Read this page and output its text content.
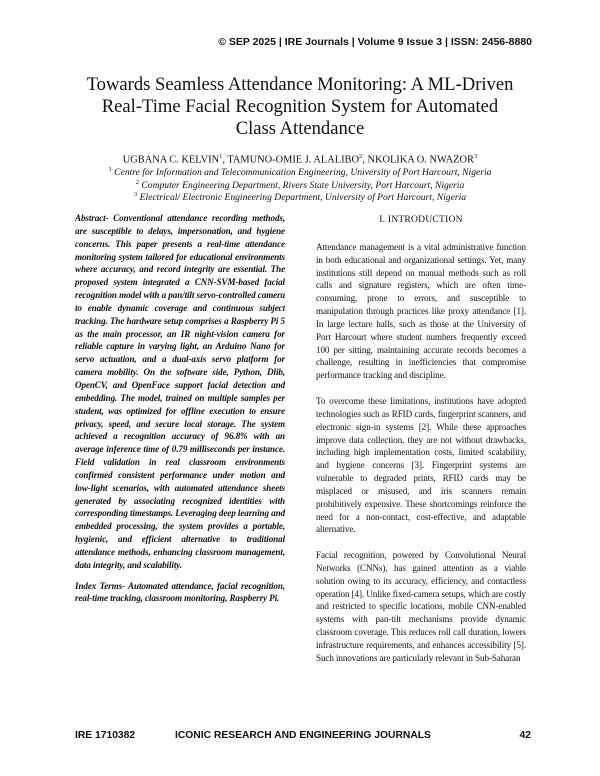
© SEP 2025 | IRE Journals | Volume 9 Issue 3 | ISSN: 2456-8880
Towards Seamless Attendance Monitoring: A ML-Driven
Real-Time Facial Recognition System for Automated
Class Attendance
UGBANA C. KELVIN$^1$, TAMUNO-OMIE J. ALALIBO$^2$, NKOLIKA O. NWAZOR$^3$
$^1$ Centre for Information and Telecommunication Engineering, University of Port Harcourt, Nigeria
$^2$ Computer Engineering Department, Rivers State University, Port Harcourt, Nigeria
$^3$ Electrical/ Electronic Engineering Department, University of Port Harcourt, Nigeria

Abstract- Conventional attendance recording methods, are susceptible to delays, impersonation, and hygiene concerns. This paper presents a real-time attendance monitoring system tailored for educational environments where accuracy, and record integrity are essential. The proposed system integrated a CNN-SVM-based facial recognition model with a pan/tilt servo-controlled camera to enable dynamic coverage and continuous subject tracking. The hardware setup comprises a Raspberry Pi 5 as the main processor, an IR night-vision camera for reliable capture in varying light, an Arduino Nano for servo actuation, and a dual-axis servo platform for camera mobility. On the software side, Python, Dlib, OpenCV, and OpenFace support facial detection and embedding. The model, trained on multiple samples per student, was optimized for offline execution to ensure privacy, speed, and secure local storage. The system achieved a recognition accuracy of 96.8% with an average inference time of 0.79 milliseconds per instance. Field validation in real classroom environments confirmed consistent performance under motion and low-light scenarios, with automated attendance sheets generated by associating recognized identities with corresponding timestamps. Leveraging deep learning and embedded processing, the system provides a portable, hygienic, and efficient alternative to traditional attendance methods, enhancing classroom management, data integrity, and scalability.

Index Terms- Automated attendance, facial recognition, real-time tracking, classroom monitoring, Raspberry Pi.

I. INTRODUCTION

Attendance management is a vital administrative function in both educational and organizational settings. Yet, many institutions still depend on manual methods such as roll calls and signature registers, which are often time-consuming, prone to errors, and susceptible to manipulation through practices like proxy attendance [1]. In large lecture halls, such as those at the University of Port Harcourt where student numbers frequently exceed 100 per sitting, maintaining accurate records becomes a challenge, resulting in inefficiencies that compromise performance tracking and discipline.

To overcome these limitations, institutions have adopted technologies such as RFID cards, fingerprint scanners, and electronic sign-in systems [2]. While these approaches improve data collection, they are not without drawbacks, including high implementation costs, limited scalability, and hygiene concerns [3]. Fingerprint systems are vulnerable to degraded prints, RFID cards may be misplaced or misused, and iris scanners remain prohibitively expensive. These shortcomings reinforce the need for a non-contact, cost-effective, and adaptable alternative.

Facial recognition, powered by Convolutional Neural Networks (CNNs), has gained attention as a viable solution owing to its accuracy, efficiency, and contactless operation [4]. Unlike fixed-camera setups, which are costly and restricted to specific locations, mobile CNN-enabled systems with pan-tilt mechanisms provide dynamic classroom coverage. This reduces roll call duration, lowers infrastructure requirements, and enhances accessibility [5]. Such innovations are particularly relevant in Sub-Saharan

IRE 1710382	ICONIC RESEARCH AND ENGINEERING JOURNALS	42
